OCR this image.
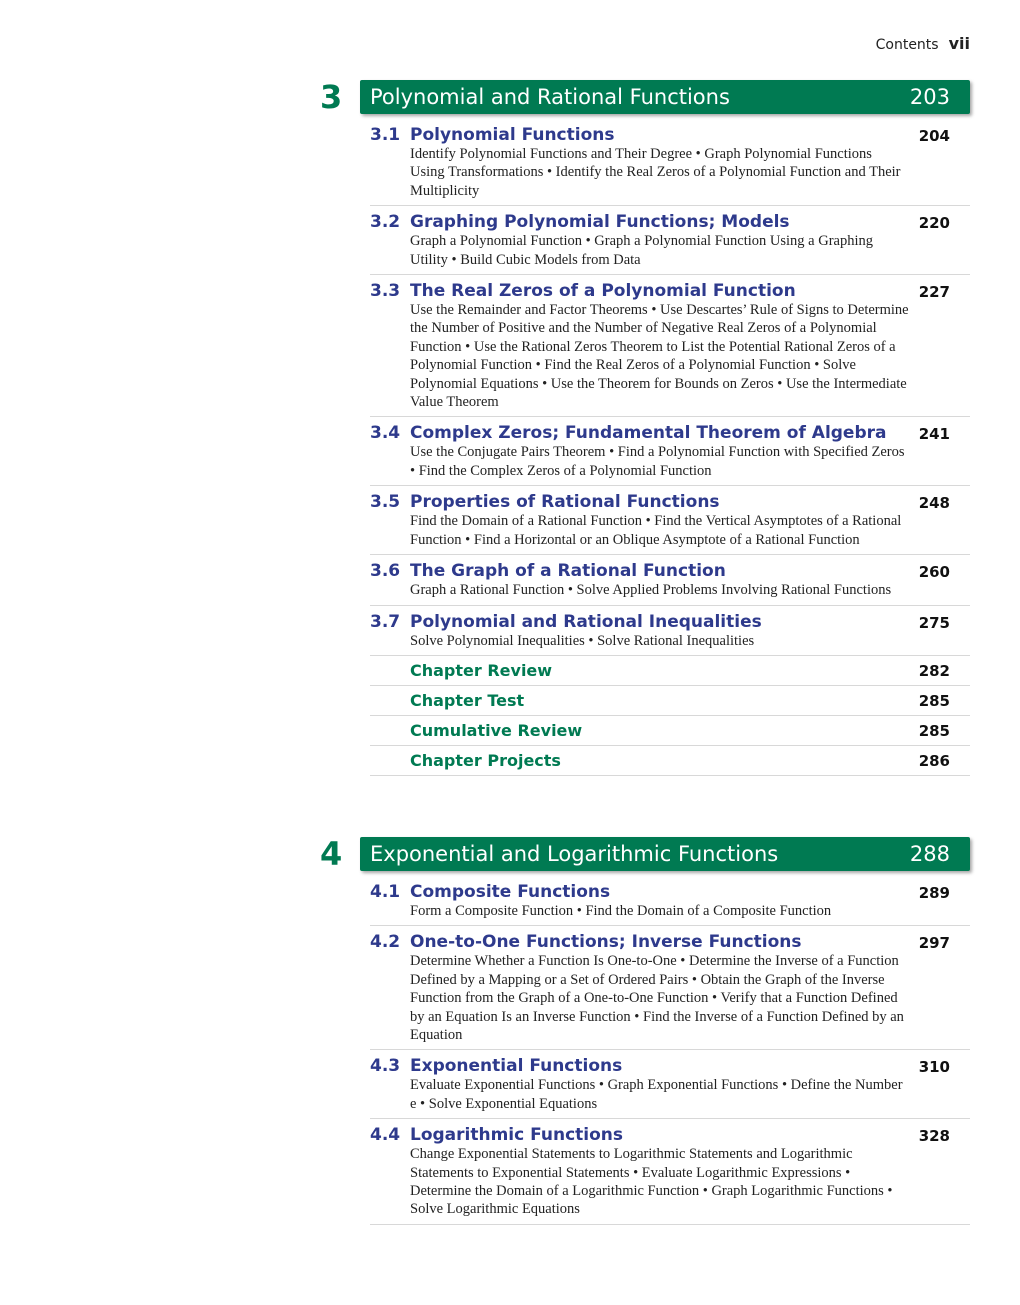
Contents vii
3 Polynomial and Rational Functions	203
3.1 Polynomial Functions	204
Identify Polynomial Functions and Their Degree • Graph Polynomial Functions Using Transformations • Identify the Real Zeros of a Polynomial Function and Their Multiplicity
3.2 Graphing Polynomial Functions; Models	220
Graph a Polynomial Function • Graph a Polynomial Function Using a Graphing Utility • Build Cubic Models from Data
3.3 The Real Zeros of a Polynomial Function	227
Use the Remainder and Factor Theorems • Use Descartes’ Rule of Signs to Determine the Number of Positive and the Number of Negative Real Zeros of a Polynomial Function • Use the Rational Zeros Theorem to List the Potential Rational Zeros of a Polynomial Function • Find the Real Zeros of a Polynomial Function • Solve Polynomial Equations • Use the Theorem for Bounds on Zeros • Use the Intermediate Value Theorem
3.4 Complex Zeros; Fundamental Theorem of Algebra	241
Use the Conjugate Pairs Theorem • Find a Polynomial Function with Specified Zeros • Find the Complex Zeros of a Polynomial Function
3.5 Properties of Rational Functions	248
Find the Domain of a Rational Function • Find the Vertical Asymptotes of a Rational Function • Find a Horizontal or an Oblique Asymptote of a Rational Function
3.6 The Graph of a Rational Function	260
Graph a Rational Function • Solve Applied Problems Involving Rational Functions
3.7 Polynomial and Rational Inequalities	275
Solve Polynomial Inequalities • Solve Rational Inequalities
Chapter Review	282
Chapter Test	285
Cumulative Review	285
Chapter Projects	286
4 Exponential and Logarithmic Functions	288
4.1 Composite Functions	289
Form a Composite Function • Find the Domain of a Composite Function
4.2 One-to-One Functions; Inverse Functions	297
Determine Whether a Function Is One-to-One • Determine the Inverse of a Function Defined by a Mapping or a Set of Ordered Pairs • Obtain the Graph of the Inverse Function from the Graph of a One-to-One Function • Verify that a Function Defined by an Equation Is an Inverse Function • Find the Inverse of a Function Defined by an Equation
4.3 Exponential Functions	310
Evaluate Exponential Functions • Graph Exponential Functions • Define the Number e • Solve Exponential Equations
4.4 Logarithmic Functions	328
Change Exponential Statements to Logarithmic Statements and Logarithmic Statements to Exponential Statements • Evaluate Logarithmic Expressions • Determine the Domain of a Logarithmic Function • Graph Logarithmic Functions • Solve Logarithmic Equations
